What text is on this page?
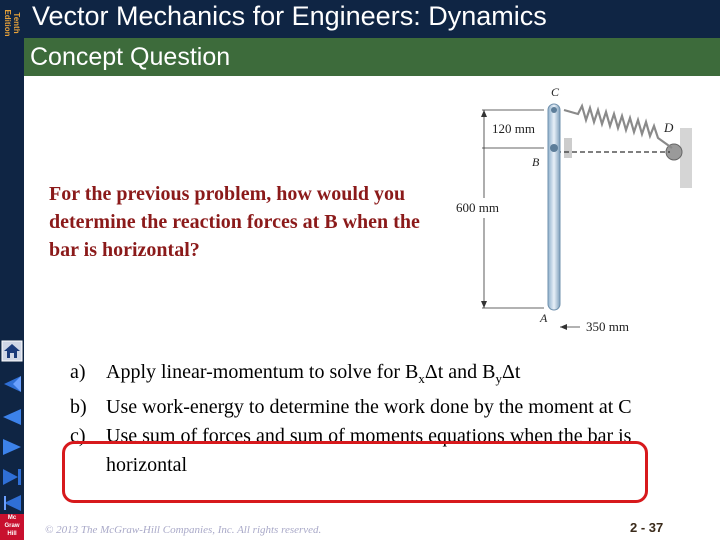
Tenth
Edition
Mc
Graw
Hill
Vector Mechanics for Engineers: Dynamics
Concept Question
For the previous problem, how would you determine the reaction forces at B when the bar is horizontal?
C
D
B
A
120 mm
600 mm
350 mm
a) Apply linear-momentum to solve for $B_x\Delta t$ and $B_y\Delta t$
b) Use work-energy to determine the work done by the moment at C
c) Use sum of forces and sum of moments equations when the bar is horizontal
© 2013 The McGraw-Hill Companies, Inc. All rights reserved.	2 - 37
